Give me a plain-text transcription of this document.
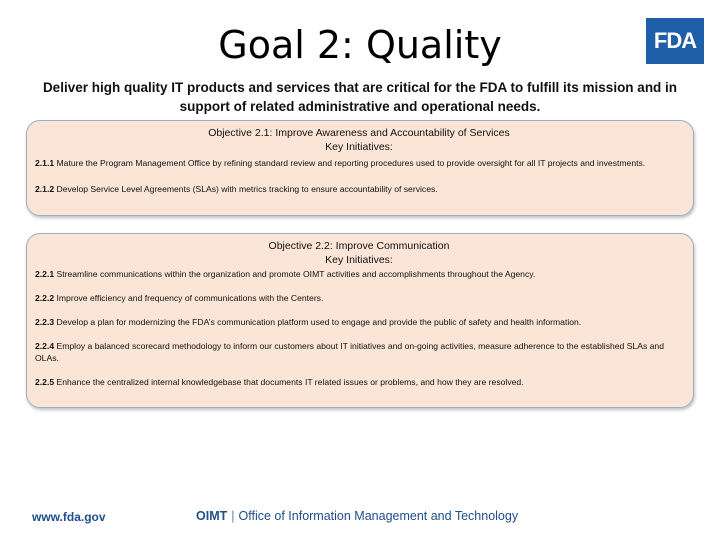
Goal 2: Quality	FDA
Deliver high quality IT products and services that are critical for the FDA to fulfill its mission and in support of related administrative and operational needs.
Objective 2.1: Improve Awareness and Accountability of Services
Key Initiatives:

2.1.1 Mature the Program Management Office by refining standard review and reporting procedures used to provide oversight for all IT projects and investments.

2.1.2 Develop Service Level Agreements (SLAs) with metrics tracking to ensure accountability of services.

Objective 2.2: Improve Communication
Key Initiatives:

2.2.1 Streamline communications within the organization and promote OIMT activities and accomplishments throughout the Agency.

2.2.2 Improve efficiency and frequency of communications with the Centers.

2.2.3 Develop a plan for modernizing the FDA’s communication platform used to engage and provide the public of safety and health information.

2.2.4 Employ a balanced scorecard methodology to inform our customers about IT initiatives and on-going activities, measure adherence to the established SLAs and OLAs.

2.2.5 Enhance the centralized internal knowledgebase that documents IT related issues or problems, and how they are resolved.

www.fda.gov	OIMT | Office of Information Management and Technology
